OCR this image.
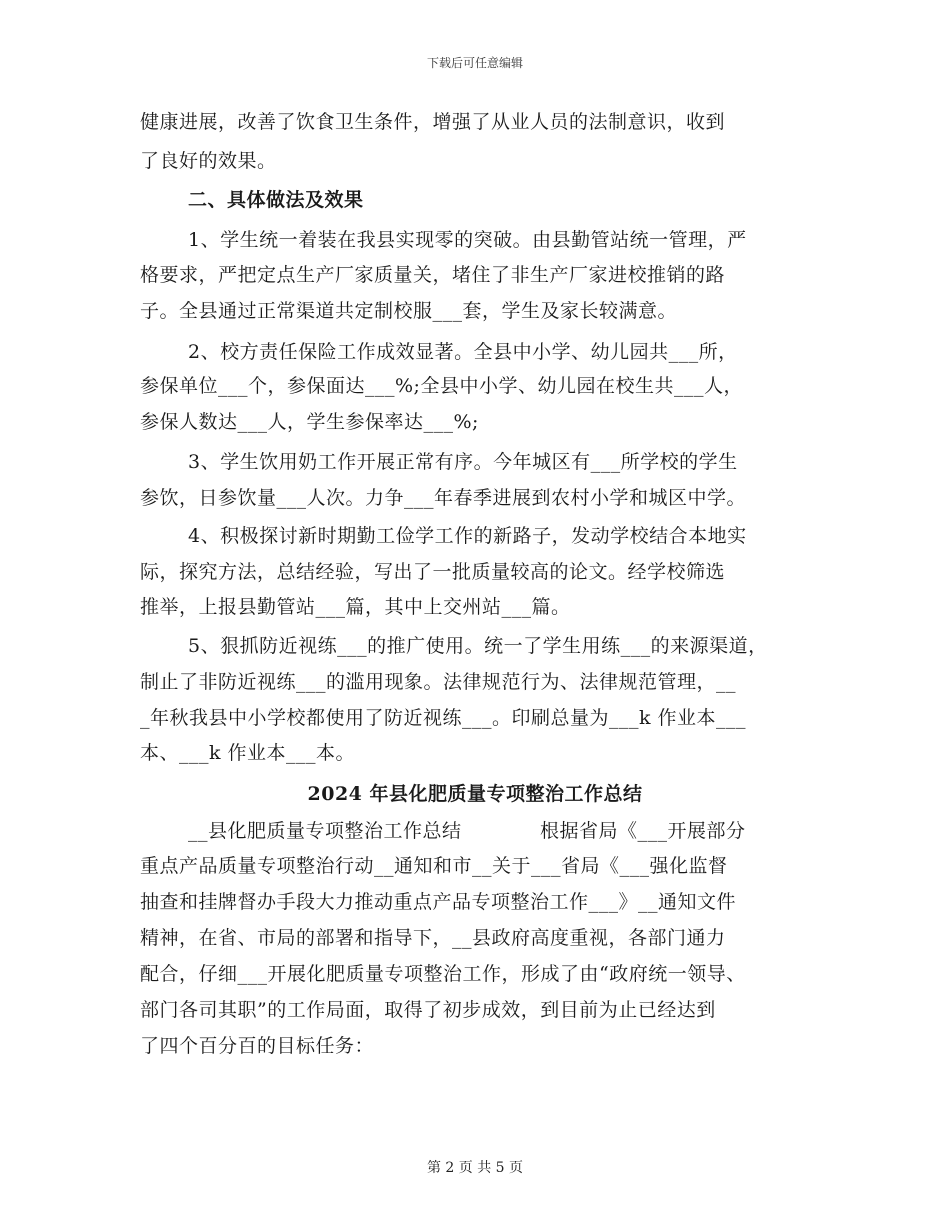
下载后可任意编辑
健康进展，改善了饮食卫生条件，增强了从业人员的法制意识，收到
了良好的效果。
二、具体做法及效果
1、学生统一着装在我县实现零的突破。由县勤管站统一管理，严
格要求，严把定点生产厂家质量关，堵住了非生产厂家进校推销的路
子。全县通过正常渠道共定制校服___套，学生及家长较满意。
2、校方责任保险工作成效显著。全县中小学、幼儿园共___所，
参保单位___个，参保面达___%;全县中小学、幼儿园在校生共___人，
参保人数达___人，学生参保率达___%;
3、学生饮用奶工作开展正常有序。今年城区有___所学校的学生
参饮，日参饮量___人次。力争___年春季进展到农村小学和城区中学。
4、积极探讨新时期勤工俭学工作的新路子，发动学校结合本地实
际，探究方法，总结经验，写出了一批质量较高的论文。经学校筛选
推举，上报县勤管站___篇，其中上交州站___篇。
5、狠抓防近视练___的推广使用。统一了学生用练___的来源渠道，
制止了非防近视练___的滥用现象。法律规范行为、法律规范管理，__
_年秋我县中小学校都使用了防近视练___。印刷总量为___k 作业本___
本、___k 作业本___本。
2024 年县化肥质量专项整治工作总结
__县化肥质量专项整治工作总结            根据省局《___开展部分
重点产品质量专项整治行动__通知和市__关于___省局《___强化监督
抽查和挂牌督办手段大力推动重点产品专项整治工作___》__通知文件
精神，在省、市局的部署和指导下，__县政府高度重视，各部门通力
配合，仔细___开展化肥质量专项整治工作，形成了由“政府统一领导、
部门各司其职”的工作局面，取得了初步成效，到目前为止已经达到
了四个百分百的目标任务：
第 2 页 共 5 页
